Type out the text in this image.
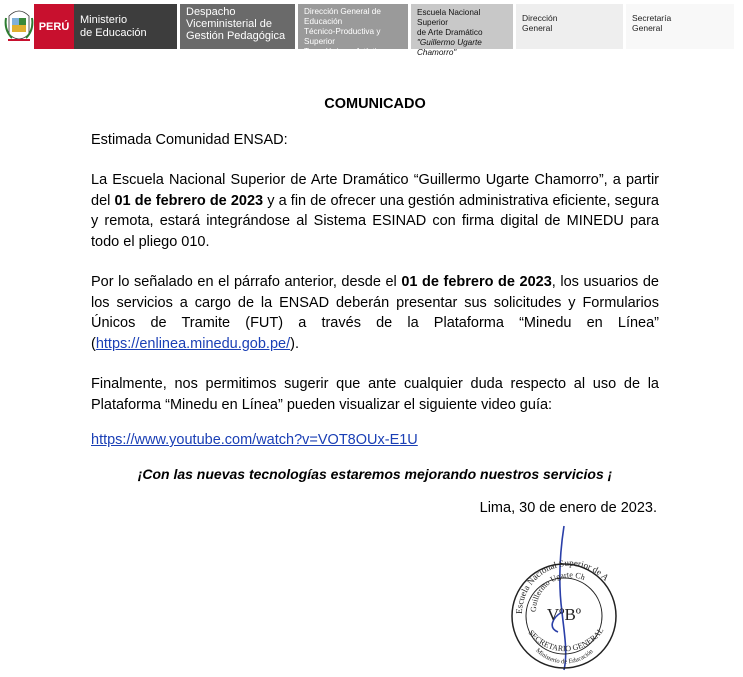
PERÚ
Ministerio
de Educación
Despacho
Viceministerial de
Gestión Pedagógica
Dirección General de Educación
Técnico-Productiva y Superior
Tecnológica y Artística
Escuela Nacional Superior
de Arte Dramático
"Guillermo Ugarte Chamorro"
Dirección
General
Secretaría
General
COMUNICADO

Estimada Comunidad ENSAD:

La Escuela Nacional Superior de Arte Dramático “Guillermo Ugarte Chamorro”, a partir del 01 de febrero de 2023 y a fin de ofrecer una gestión administrativa eficiente, segura y remota, estará integrándose al Sistema ESINAD con firma digital de MINEDU para todo el pliego 010.

Por lo señalado en el párrafo anterior, desde el 01 de febrero de 2023, los usuarios de los servicios a cargo de la ENSAD deberán presentar sus solicitudes y Formularios Únicos de Tramite (FUT) a través de la Plataforma “Minedu en Línea” (https://enlinea.minedu.gob.pe/).

Finalmente, nos permitimos sugerir que ante cualquier duda respecto al uso de la Plataforma “Minedu en Línea” pueden visualizar el siguiente video guía:

https://www.youtube.com/watch?v=VOT8OUx-E1U

¡Con las nuevas tecnologías estaremos mejorando nuestros servicios ¡
Lima, 30 de enero de 2023.
Escuela Nacional Superior de A
Guillermo Ugarte Ch
VºBº
SECRETARIO GENERAL
Ministerio de Educación
